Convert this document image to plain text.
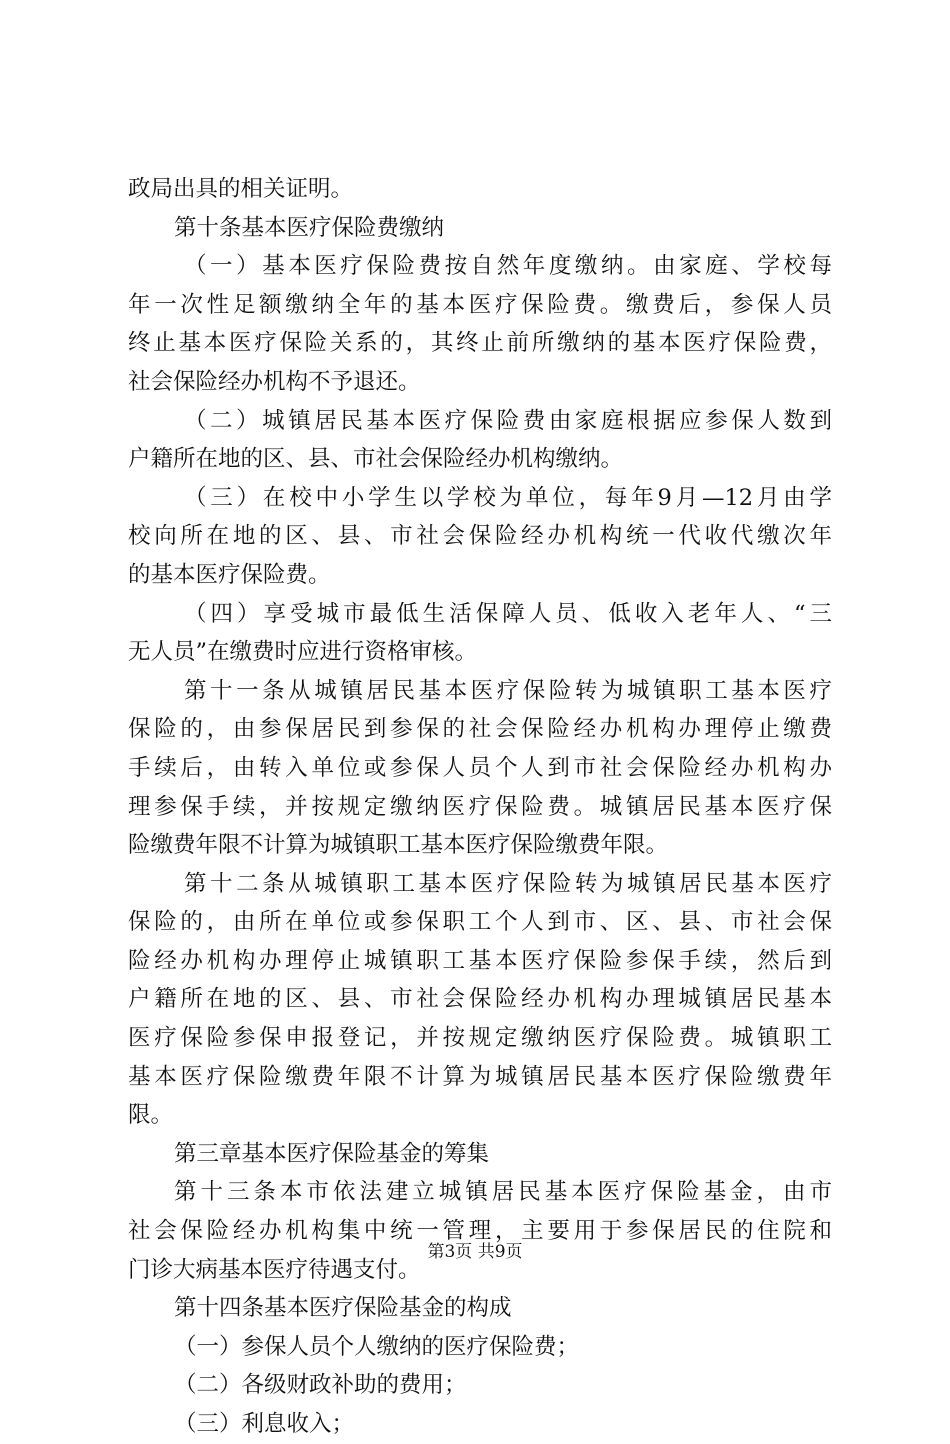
政局出具的相关证明。
第十条基本医疗保险费缴纳
（一）基本医疗保险费按自然年度缴纳。由家庭、学校每
年一次性足额缴纳全年的基本医疗保险费。缴费后，参保人员
终止基本医疗保险关系的，其终止前所缴纳的基本医疗保险费，
社会保险经办机构不予退还。
（二）城镇居民基本医疗保险费由家庭根据应参保人数到
户籍所在地的区、县、市社会保险经办机构缴纳。
（三）在校中小学生以学校为单位，每年9月—12月由学
校向所在地的区、县、市社会保险经办机构统一代收代缴次年
的基本医疗保险费。
（四）享受城市最低生活保障人员、低收入老年人、“三
无人员”在缴费时应进行资格审核。
第十一条从城镇居民基本医疗保险转为城镇职工基本医疗
保险的，由参保居民到参保的社会保险经办机构办理停止缴费
手续后，由转入单位或参保人员个人到市社会保险经办机构办
理参保手续，并按规定缴纳医疗保险费。城镇居民基本医疗保
险缴费年限不计算为城镇职工基本医疗保险缴费年限。
第十二条从城镇职工基本医疗保险转为城镇居民基本医疗
保险的，由所在单位或参保职工个人到市、区、县、市社会保
险经办机构办理停止城镇职工基本医疗保险参保手续，然后到
户籍所在地的区、县、市社会保险经办机构办理城镇居民基本
医疗保险参保申报登记，并按规定缴纳医疗保险费。城镇职工
基本医疗保险缴费年限不计算为城镇居民基本医疗保险缴费年
限。
第三章基本医疗保险基金的筹集
第十三条本市依法建立城镇居民基本医疗保险基金，由市
社会保险经办机构集中统一管理，主要用于参保居民的住院和
门诊大病基本医疗待遇支付。
第十四条基本医疗保险基金的构成
（一）参保人员个人缴纳的医疗保险费；
（二）各级财政补助的费用；
（三）利息收入；
第3页 共9页
